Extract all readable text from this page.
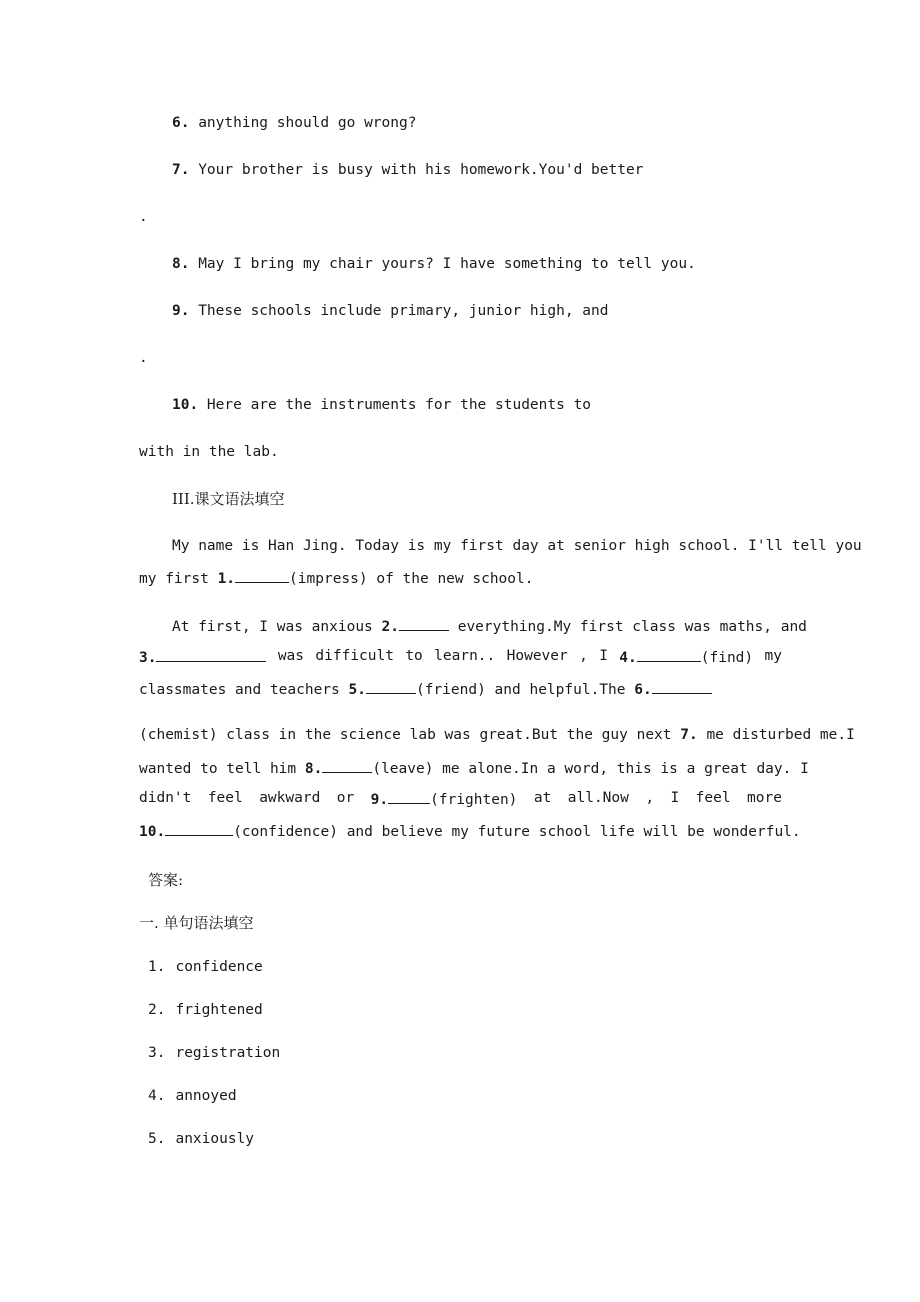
6. anything should go wrong?
7. Your brother is busy with his homework.You'd better
.
8. May I bring my chair yours? I have something to tell you.
9. These schools include primary, junior high, and
.
10. Here are the instruments for the students to
with in the lab.
III.课文语法填空
My name is Han Jing. Today is my first day at senior high school. I'll tell you
my first 1.	(impress) of the new school.
At first, I was anxious 2.	everything.My first class was maths, and
3.	was difficult to learn.. However , I 4.	(find) my
classmates and teachers 5.	(friend) and helpful.The 6.
(chemist) class in the science lab was great.But the guy next 7. me disturbed me.I
wanted to tell him 8.	(leave) me alone.In a word, this is a great day. I
didn't feel awkward or 9.	(frighten) at all.Now , I feel more
10.	(confidence) and believe my future school life will be wonderful.
答案:
一. 单句语法填空
1. confidence
2. frightened
3. registration
4. annoyed
5. anxiously
